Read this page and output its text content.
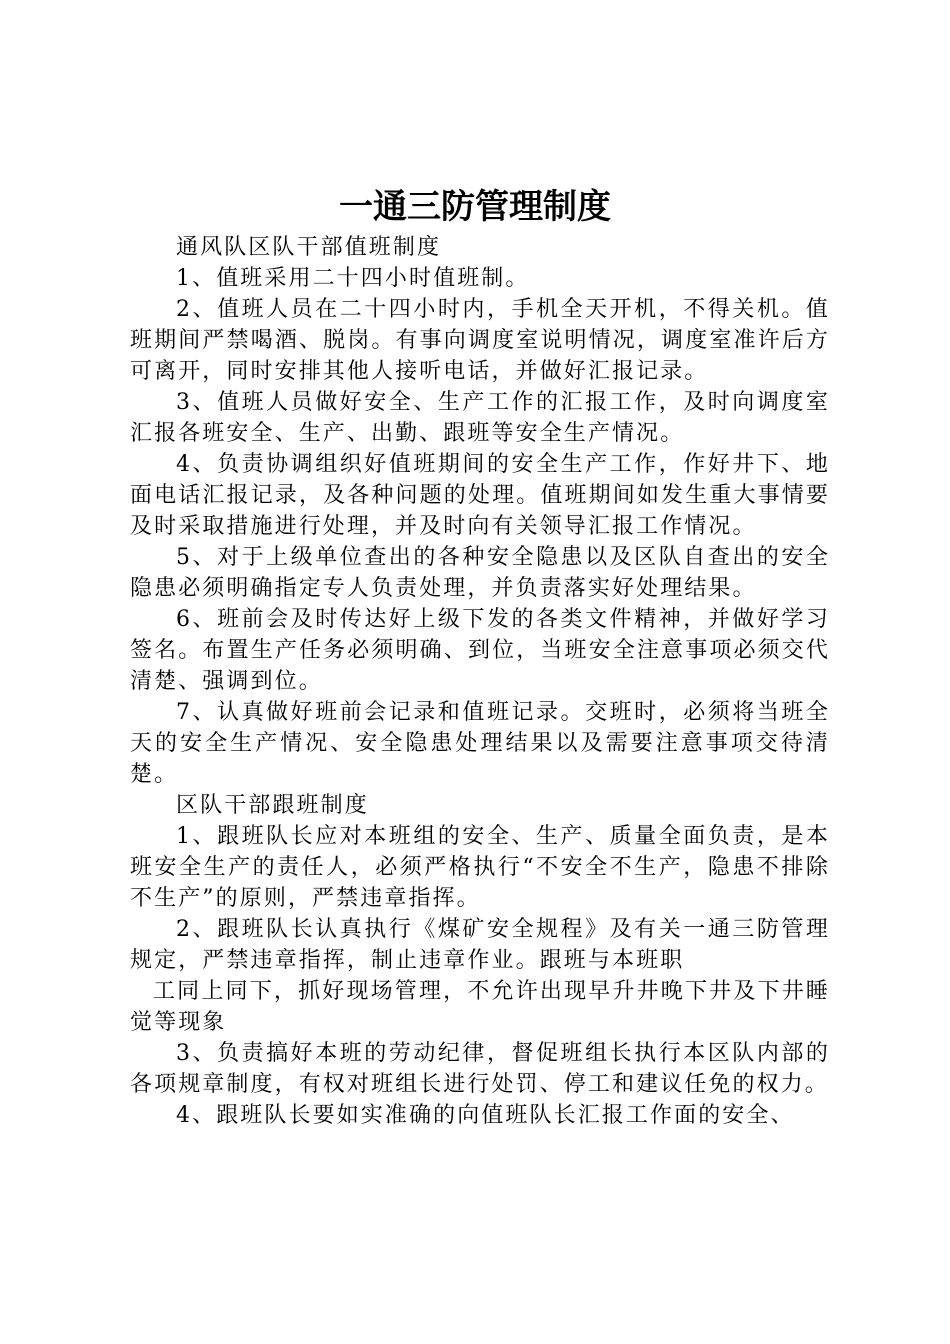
一通三防管理制度

通风队区队干部值班制度

1、值班采用二十四小时值班制。

2、值班人员在二十四小时内，手机全天开机，不得关机。值班期间严禁喝酒、脱岗。有事向调度室说明情况，调度室准许后方可离开，同时安排其他人接听电话，并做好汇报记录。

3、值班人员做好安全、生产工作的汇报工作，及时向调度室汇报各班安全、生产、出勤、跟班等安全生产情况。

4、负责协调组织好值班期间的安全生产工作，作好井下、地面电话汇报记录，及各种问题的处理。值班期间如发生重大事情要及时采取措施进行处理，并及时向有关领导汇报工作情况。

5、对于上级单位查出的各种安全隐患以及区队自查出的安全隐患必须明确指定专人负责处理，并负责落实好处理结果。

6、班前会及时传达好上级下发的各类文件精神，并做好学习签名。布置生产任务必须明确、到位，当班安全注意事项必须交代清楚、强调到位。

7、认真做好班前会记录和值班记录。交班时，必须将当班全天的安全生产情况、安全隐患处理结果以及需要注意事项交待清楚。

区队干部跟班制度

1、跟班队长应对本班组的安全、生产、质量全面负责，是本班安全生产的责任人，必须严格执行“不安全不生产，隐患不排除不生产”的原则，严禁违章指挥。

2、跟班队长认真执行《煤矿安全规程》及有关一通三防管理规定，严禁违章指挥，制止违章作业。跟班与本班职

工同上同下，抓好现场管理，不允许出现早升井晚下井及下井睡觉等现象

3、负责搞好本班的劳动纪律，督促班组长执行本区队内部的各项规章制度，有权对班组长进行处罚、停工和建议任免的权力。

4、跟班队长要如实准确的向值班队长汇报工作面的安全、
